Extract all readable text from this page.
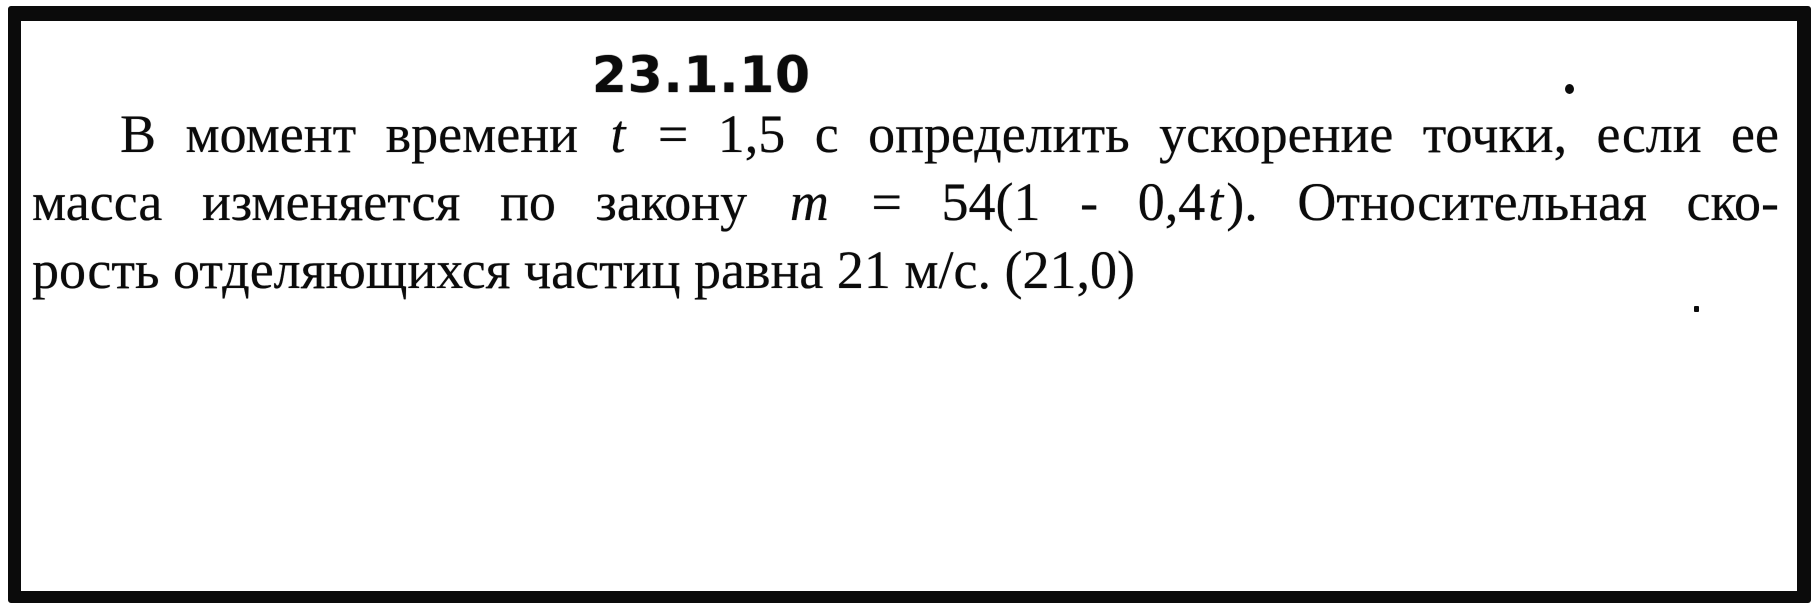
23.1.10

В момент времени t = 1,5 с определить ускорение точки, если ее

масса изменяется по закону m = 54(1 - 0,4t). Относительная ско-

рость отделяющихся частиц равна 21 м/с. (21,0)
